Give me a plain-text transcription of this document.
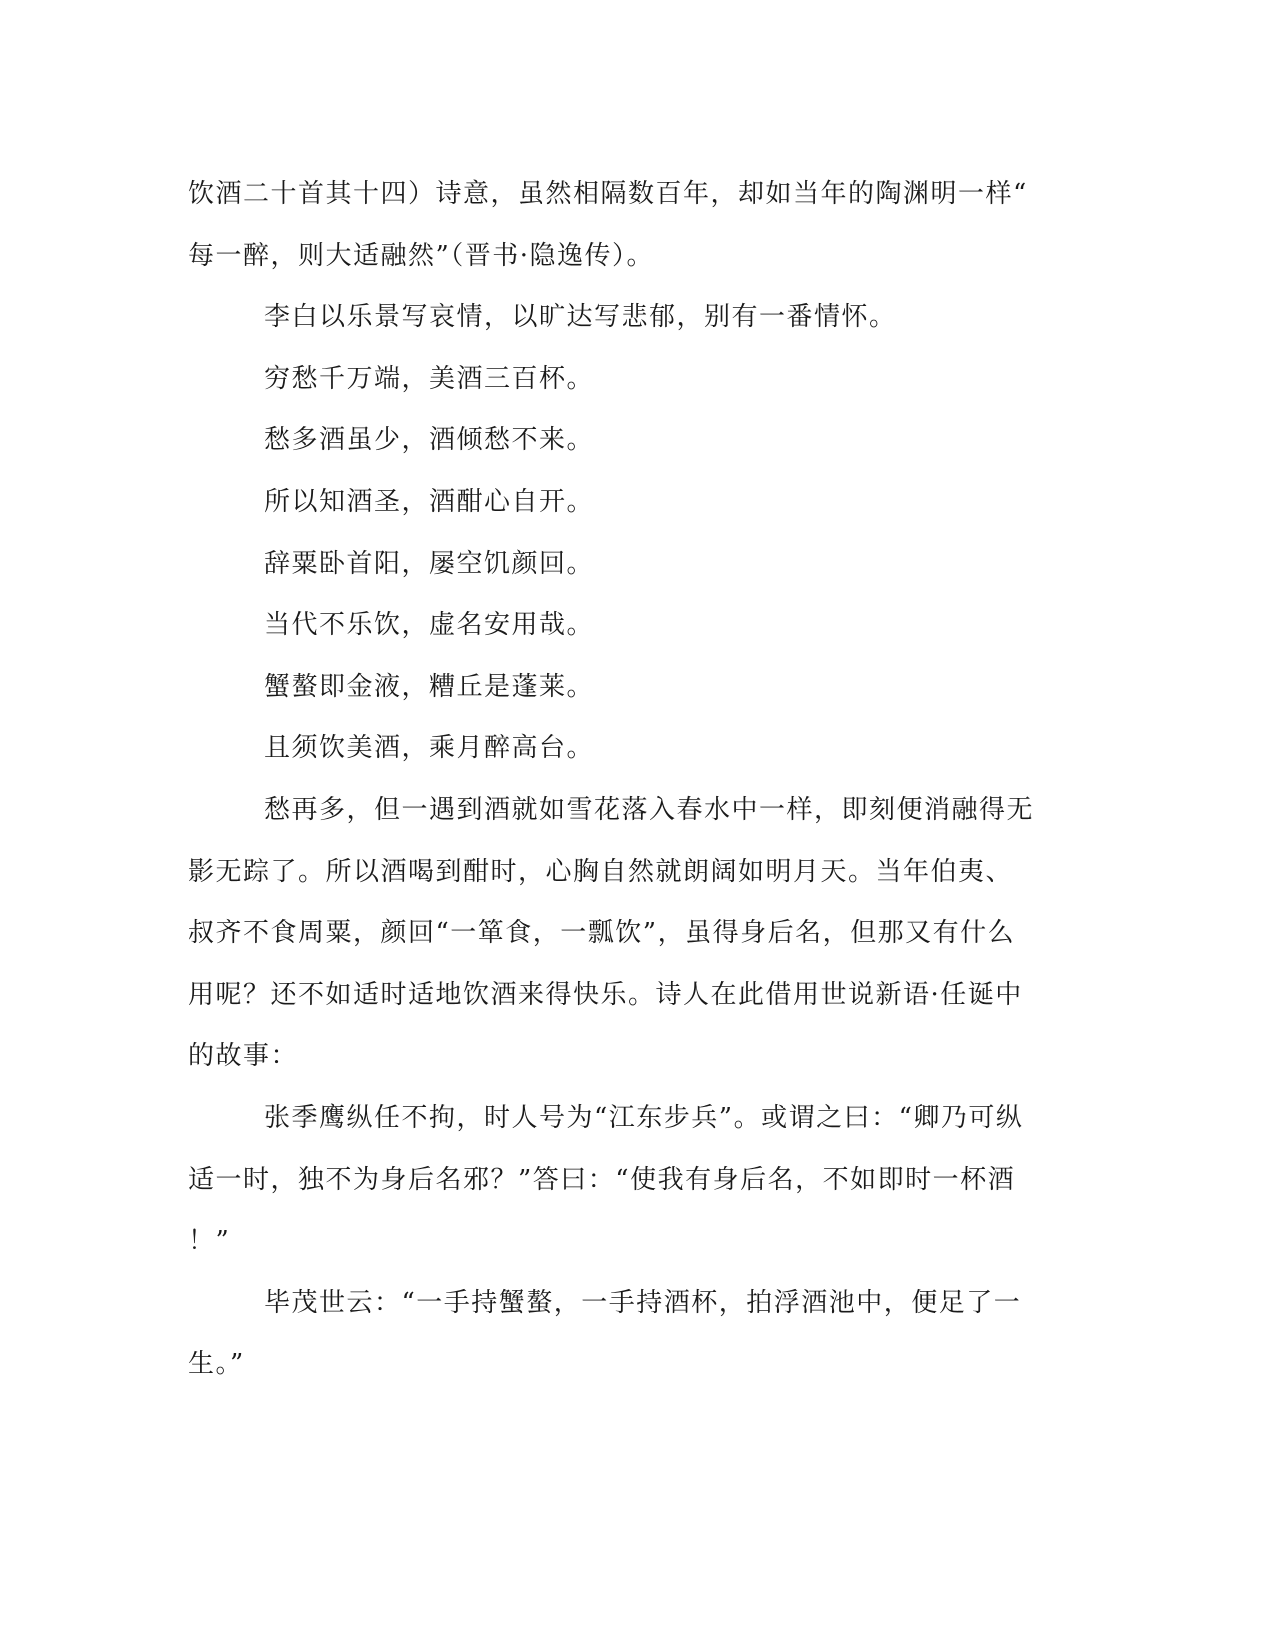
饮酒二十首其十四）诗意，虽然相隔数百年，却如当年的陶渊明一样“

每一醉，则大适融然”（晋书·隐逸传）。

李白以乐景写哀情，以旷达写悲郁，别有一番情怀。

穷愁千万端，美酒三百杯。

愁多酒虽少，酒倾愁不来。

所以知酒圣，酒酣心自开。

辞粟卧首阳，屡空饥颜回。

当代不乐饮，虚名安用哉。

蟹螯即金液，糟丘是蓬莱。

且须饮美酒，乘月醉高台。

愁再多，但一遇到酒就如雪花落入春水中一样，即刻便消融得无

影无踪了。所以酒喝到酣时，心胸自然就朗阔如明月天。当年伯夷、

叔齐不食周粟，颜回“一箪食，一瓢饮”，虽得身后名，但那又有什么

用呢？还不如适时适地饮酒来得快乐。诗人在此借用世说新语·任诞中

的故事：

张季鹰纵任不拘，时人号为“江东步兵”。或谓之曰：“卿乃可纵

适一时，独不为身后名邪？”答曰：“使我有身后名，不如即时一杯酒

！”

毕茂世云：“一手持蟹螯，一手持酒杯，拍浮酒池中，便足了一

生。”
